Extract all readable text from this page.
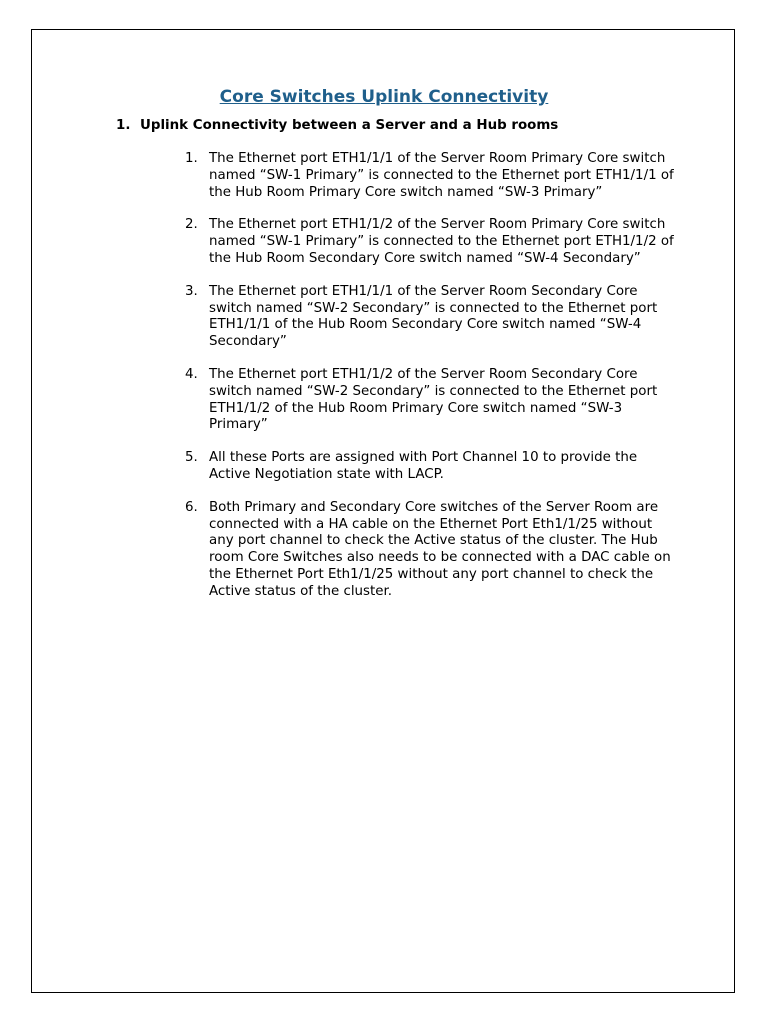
Core Switches Uplink Connectivity
1. Uplink Connectivity between a Server and a Hub rooms
1. The Ethernet port ETH1/1/1 of the Server Room Primary Core switch named “SW-1 Primary” is connected to the Ethernet port ETH1/1/1 of the Hub Room Primary Core switch named “SW-3 Primary”
2. The Ethernet port ETH1/1/2 of the Server Room Primary Core switch named “SW-1 Primary” is connected to the Ethernet port ETH1/1/2 of the Hub Room Secondary Core switch named “SW-4 Secondary”
3. The Ethernet port ETH1/1/1 of the Server Room Secondary Core switch named “SW-2 Secondary” is connected to the Ethernet port ETH1/1/1 of the Hub Room Secondary Core switch named “SW-4 Secondary”
4. The Ethernet port ETH1/1/2 of the Server Room Secondary Core switch named “SW-2 Secondary” is connected to the Ethernet port ETH1/1/2 of the Hub Room Primary Core switch named “SW-3 Primary”
5. All these Ports are assigned with Port Channel 10 to provide the Active Negotiation state with LACP.
6. Both Primary and Secondary Core switches of the Server Room are connected with a HA cable on the Ethernet Port Eth1/1/25 without any port channel to check the Active status of the cluster. The Hub room Core Switches also needs to be connected with a DAC cable on the Ethernet Port Eth1/1/25 without any port channel to check the Active status of the cluster.
